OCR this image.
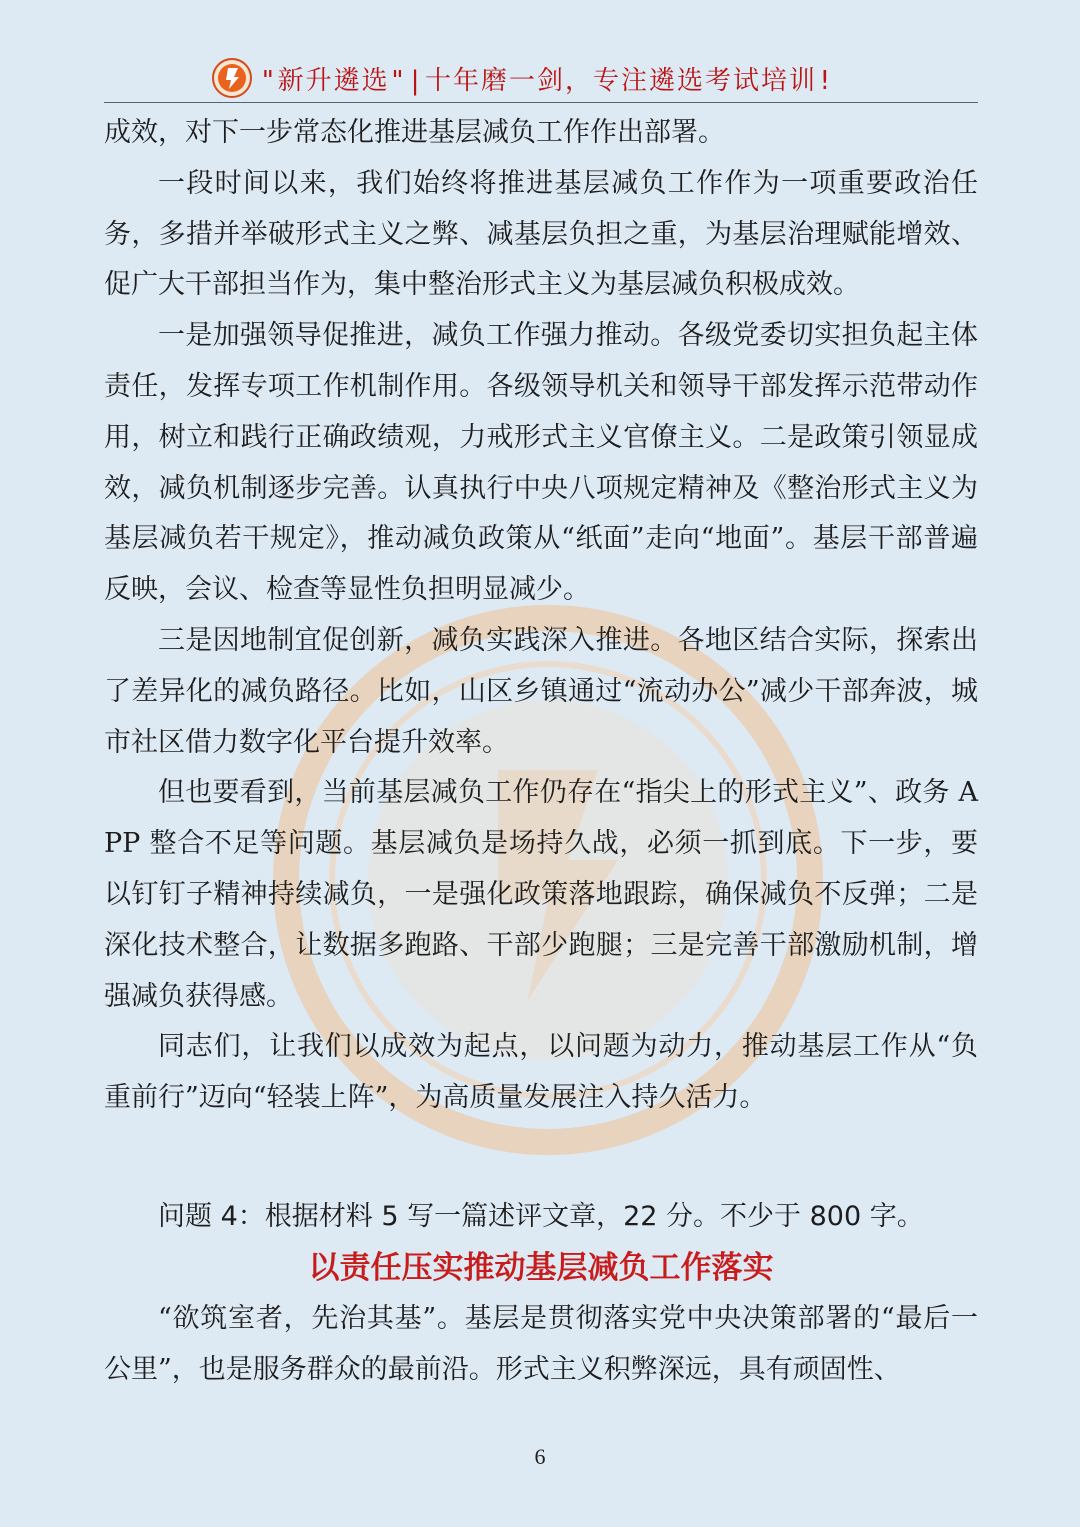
"新升遴选"|十年磨一剑，专注遴选考试培训!

成效，对下一步常态化推进基层减负工作作出部署。

一段时间以来，我们始终将推进基层减负工作作为一项重要政治任务，多措并举破形式主义之弊、减基层负担之重，为基层治理赋能增效、促广大干部担当作为，集中整治形式主义为基层减负积极成效。

一是加强领导促推进，减负工作强力推动。各级党委切实担负起主体责任，发挥专项工作机制作用。各级领导机关和领导干部发挥示范带动作用，树立和践行正确政绩观，力戒形式主义官僚主义。二是政策引领显成效，减负机制逐步完善。认真执行中央八项规定精神及《整治形式主义为基层减负若干规定》，推动减负政策从“纸面”走向“地面”。基层干部普遍反映，会议、检查等显性负担明显减少。

三是因地制宜促创新，减负实践深入推进。各地区结合实际，探索出了差异化的减负路径。比如，山区乡镇通过“流动办公”减少干部奔波，城市社区借力数字化平台提升效率。

但也要看到，当前基层减负工作仍存在“指尖上的形式主义”、政务 APP 整合不足等问题。基层减负是场持久战，必须一抓到底。下一步，要以钉钉子精神持续减负，一是强化政策落地跟踪，确保减负不反弹；二是深化技术整合，让数据多跑路、干部少跑腿；三是完善干部激励机制，增强减负获得感。

同志们，让我们以成效为起点，以问题为动力，推动基层工作从“负重前行”迈向“轻装上阵”，为高质量发展注入持久活力。

问题 4：根据材料 5 写一篇述评文章，22 分。不少于 800 字。

以责任压实推动基层减负工作落实

“欲筑室者，先治其基”。基层是贯彻落实党中央决策部署的“最后一公里”，也是服务群众的最前沿。形式主义积弊深远，具有顽固性、

6
